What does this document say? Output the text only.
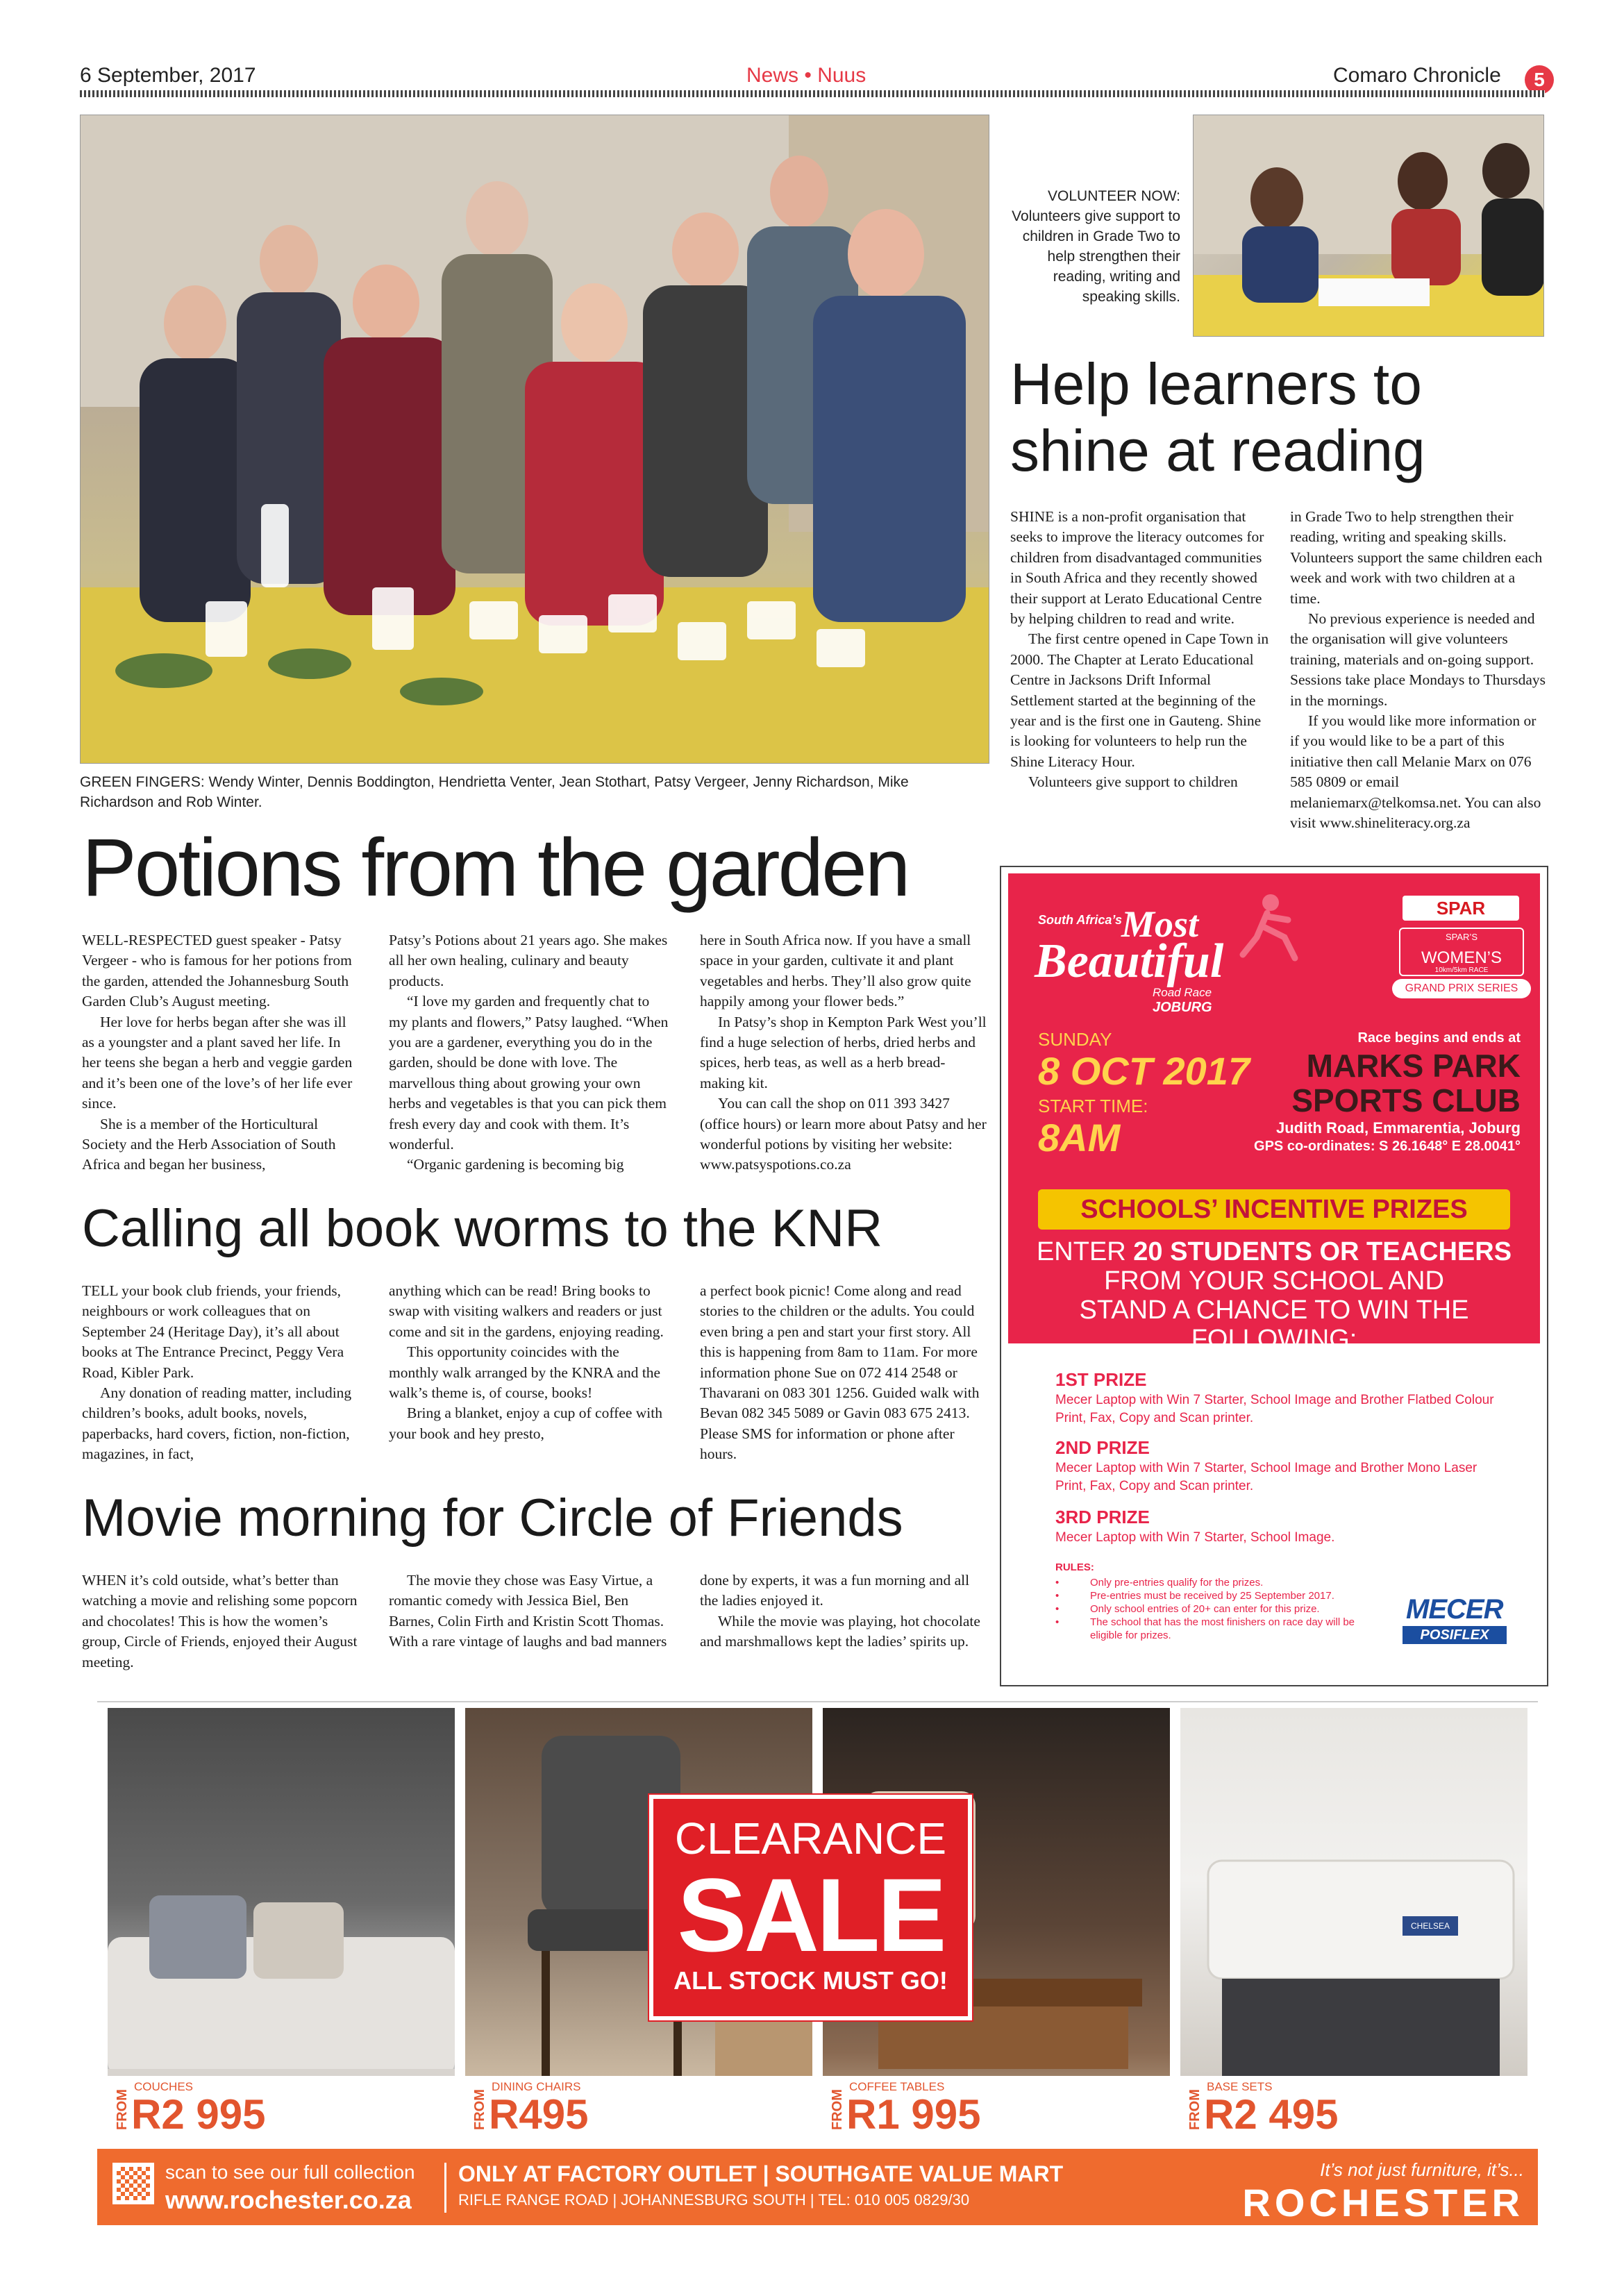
6 September, 2017	News • Nuus	Comaro Chronicle	5
GREEN FINGERS: Wendy Winter, Dennis Boddington, Hendrietta Venter, Jean Stothart, Patsy Vergeer, Jenny Richardson, Mike Richardson and Rob Winter.
VOLUNTEER NOW:
Volunteers give support to children in Grade Two to help strengthen their reading, writing and speaking skills.
Help learners to
shine at reading

SHINE is a non-profit organisation that seeks to improve the literacy outcomes for children from disadvantaged communities in South Africa and they recently showed their support at Lerato Educational Centre by helping children to read and write.

The first centre opened in Cape Town in 2000. The Chapter at Lerato Educational Centre in Jacksons Drift Informal Settlement started at the beginning of the year and is the first one in Gauteng. Shine is looking for volunteers to help run the Shine Literacy Hour.

Volunteers give support to children

in Grade Two to help strengthen their reading, writing and speaking skills. Volunteers support the same children each week and work with two children at a time.

No previous experience is needed and the organisation will give volunteers training, materials and on-going support. Sessions take place Mondays to Thursdays in the mornings.

If you would like more information or if you would like to be a part of this initiative then call Melanie Marx on 076 585 0809 or email melaniemarx@telkomsa.net. You can also visit www.shineliteracy.org.za

Potions from the garden

WELL-RESPECTED guest speaker - Patsy Vergeer - who is famous for her potions from the garden, attended the Johannesburg South Garden Club’s August meeting.

Her love for herbs began after she was ill as a youngster and a plant saved her life. In her teens she began a herb and veggie garden and it’s been one of the love’s of her life ever since.

She is a member of the Horticultural Society and the Herb Association of South Africa and began her business,

Patsy’s Potions about 21 years ago. She makes all her own healing, culinary and beauty products.

“I love my garden and frequently chat to my plants and flowers,” Patsy laughed. “When you are a gardener, everything you do in the garden, should be done with love. The marvellous thing about growing your own herbs and vegetables is that you can pick them fresh every day and cook with them. It’s wonderful.

“Organic gardening is becoming big

here in South Africa now. If you have a small space in your garden, cultivate it and plant vegetables and herbs. They’ll also grow quite happily among your flower beds.”

In Patsy’s shop in Kempton Park West you’ll find a huge selection of herbs, dried herbs and spices, herb teas, as well as a herb bread-making kit.

You can call the shop on 011 393 3427 (office hours) or learn more about Patsy and her wonderful potions by visiting her website: www.patsyspotions.co.za

Calling all book worms to the KNR

TELL your book club friends, your friends, neighbours or work colleagues that on September 24 (Heritage Day), it’s all about books at The Entrance Precinct, Peggy Vera Road, Kibler Park.

Any donation of reading matter, including children’s books, adult books, novels, paperbacks, hard covers, fiction, non-fiction, magazines, in fact,

anything which can be read! Bring books to swap with visiting walkers and readers or just come and sit in the gardens, enjoying reading.

This opportunity coincides with the monthly walk arranged by the KNRA and the walk’s theme is, of course, books!

Bring a blanket, enjoy a cup of coffee with your book and hey presto,

a perfect book picnic! Come along and read stories to the children or the adults. You could even bring a pen and start your first story. All this is happening from 8am to 11am. For more information phone Sue on 072 414 2548 or Thavarani on 083 301 1256. Guided walk with Bevan 082 345 5089 or Gavin 083 675 2413. Please SMS for information or phone after hours.

Movie morning for Circle of Friends

WHEN it’s cold outside, what’s better than watching a movie and relishing some popcorn and chocolates! This is how the women’s group, Circle of Friends, enjoyed their August meeting.

The movie they chose was Easy Virtue, a romantic comedy with Jessica Biel, Ben Barnes, Colin Firth and Kristin Scott Thomas. With a rare vintage of laughs and bad manners

done by experts, it was a fun morning and all the ladies enjoyed it.

While the movie was playing, hot chocolate and marshmallows kept the ladies’ spirits up.

South Africa’s
Most
Beautiful
Road Race
JOBURG
SPAR
SPAR’S
WOMEN’S
10km/5km RACE
GRAND PRIX SERIES
SUNDAY
8 OCT 2017
START TIME:
8AM
Race begins and ends at
MARKS PARK
SPORTS CLUB
Judith Road, Emmarentia, Joburg
GPS co-ordinates: S 26.1648° E 28.0041°
SCHOOLS’ INCENTIVE PRIZES
ENTER 20 STUDENTS OR TEACHERS
FROM YOUR SCHOOL AND
STAND A CHANCE TO WIN THE
FOLLOWING:
1ST PRIZE
Mecer Laptop with Win 7 Starter, School Image and Brother Flatbed Colour Print, Fax, Copy and Scan printer.
2ND PRIZE
Mecer Laptop with Win 7 Starter, School Image and Brother Mono Laser Print, Fax, Copy and Scan printer.
3RD PRIZE
Mecer Laptop with Win 7 Starter, School Image.
RULES:
•	Only pre-entries qualify for the prizes.
•	Pre-entries must be received by 25 September 2017.
•	Only school entries of 20+ can enter for this prize.
•	The school that has the most finishers on race day will be eligible for prizes.
MECER
POSIFLEX
CHELSEA
CLEARANCE
SALE
ALL STOCK MUST GO!
FROM
COUCHES
R2 995	FROM
DINING CHAIRS
R495	FROM
COFFEE TABLES
R1 995	FROM
BASE SETS
R2 495
scan to see our full collection
www.rochester.co.za
ONLY AT FACTORY OUTLET | SOUTHGATE VALUE MART
RIFLE RANGE ROAD | JOHANNESBURG SOUTH | TEL: 010 005 0829/30
It’s not just furniture, it’s...
ROCHESTER
